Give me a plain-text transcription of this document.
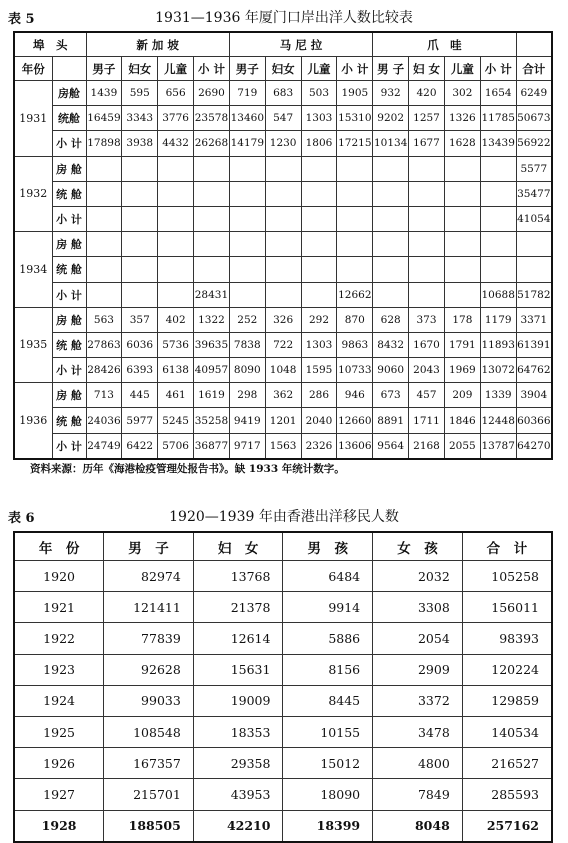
表 5	1931—1936 年厦门口岸出洋人数比较表
埠　头		新 加 坡				马 尼 拉				爪　哇				
年份		男子	妇女	儿童	小 计	男子	妇女	儿童	小 计	男 子	妇 女	儿童	小 计	合计
1931	房舱	1439	595	656	2690	719	683	503	1905	932	420	302	1654	6249
	统舱	16459	3343	3776	23578	13460	547	1303	15310	9202	1257	1326	11785	50673
	小 计	17898	3938	4432	26268	14179	1230	1806	17215	10134	1677	1628	13439	56922
1932	房 舱													5577
	统 舱													35477
	小 计													41054
1934	房 舱													
	统 舱													
	小 计				28431				12662				10688	51782
1935	房 舱	563	357	402	1322	252	326	292	870	628	373	178	1179	3371
	统 舱	27863	6036	5736	39635	7838	722	1303	9863	8432	1670	1791	11893	61391
	小 计	28426	6393	6138	40957	8090	1048	1595	10733	9060	2043	1969	13072	64762
1936	房 舱	713	445	461	1619	298	362	286	946	673	457	209	1339	3904
	统 舱	24036	5977	5245	35258	9419	1201	2040	12660	8891	1711	1846	12448	60366
	小 计	24749	6422	5706	36877	9717	1563	2326	13606	9564	2168	2055	13787	64270
资料来源：历年《海港检疫管理处报告书》。缺 1933 年统计数字。
表 6	1920—1939 年由香港出洋移民人数
年　份	男　子	妇　女	男　孩	女　孩	合　计
1920	82974	13768	6484	2032	105258
1921	121411	21378	9914	3308	156011
1922	77839	12614	5886	2054	98393
1923	92628	15631	8156	2909	120224
1924	99033	19009	8445	3372	129859
1925	108548	18353	10155	3478	140534
1926	167357	29358	15012	4800	216527
1927	215701	43953	18090	7849	285593
1928	188505	42210	18399	8048	257162
